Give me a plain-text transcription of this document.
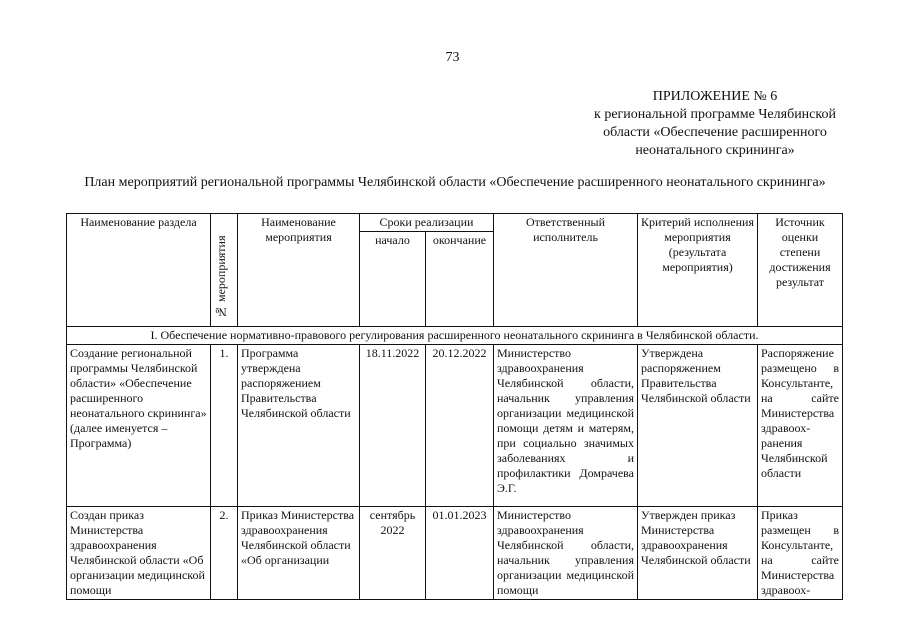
73
ПРИЛОЖЕНИЕ № 6
к региональной программе Челябинской
области «Обеспечение расширенного
неонатального скрининга»
План мероприятий региональной программы Челябинской области «Обеспечение расширенного неонатального скрининга»
Наименование раздела	№ мероприятия	Наименование мероприятия	Сроки реализации		Ответственный исполнитель	Критерий исполнения мероприятия (результата мероприятия)	Источник оценки степени достижения результат
			начало	окончание			
I. Обеспечение нормативно-правового регулирования расширенного неонатального скрининга в Челябинской области.							
Создание региональной программы Челябинской области» «Обеспечение расширенного неонатального скрининга» (далее именуется – Программа)	1.	Программа утверждена распоряжением Правительства Челябинской области	18.11.2022	20.12.2022	Министерство здравоохранения Челябинской области, начальник управления организации медицинской помощи детям и матерям, при социально значимых заболеваниях и профилактики Домрачева Э.Г.	Утверждена распоряжением Правительства Челябинской области	Распоряжение размещено в Консультанте, на сайте Министерства здравоох-ранения Челябинской области
Создан приказ Министерства здравоохранения Челябинской области «Об организации медицинской помощи	2.	Приказ Министерства здравоохранения Челябинской области «Об организации	сентябрь 2022	01.01.2023	Министерство здравоохранения Челябинской области, начальник управления организации медицинской помощи	Утвержден приказ Министерства здравоохранения Челябинской области	Приказ размещен в Консультанте, на сайте Министерства здравоох-
